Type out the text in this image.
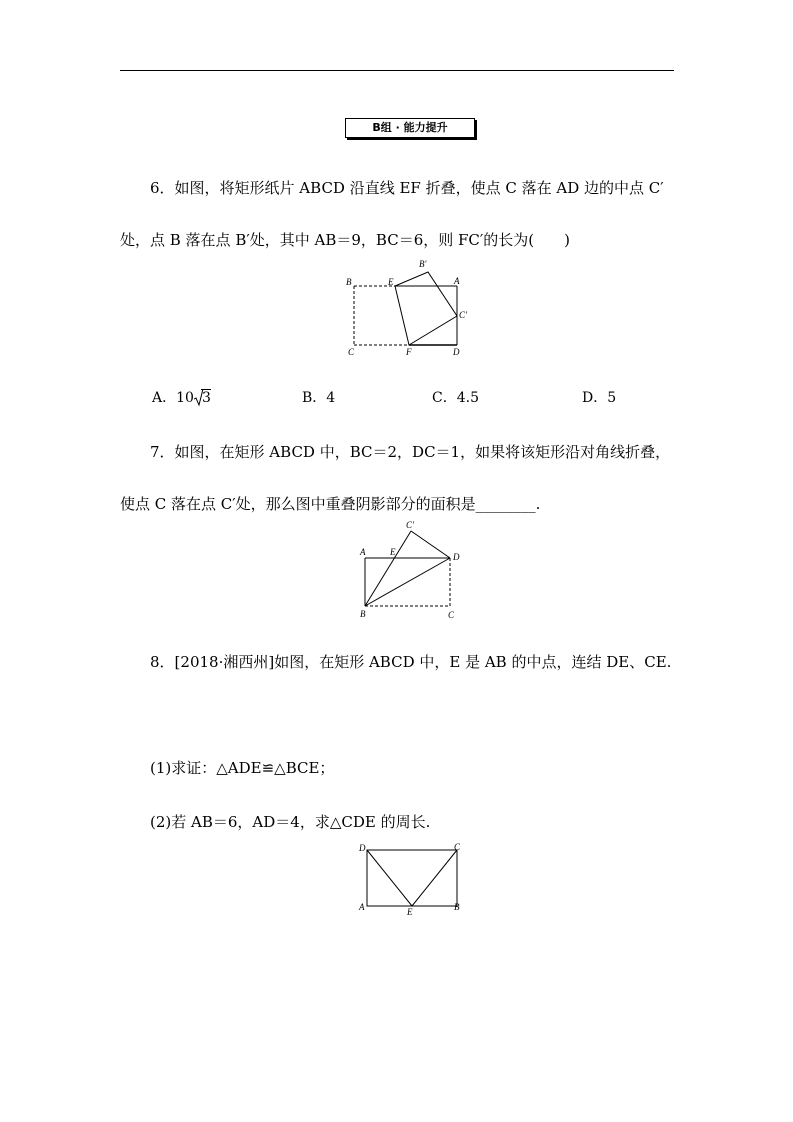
B组 · 能力提升
6．如图，将矩形纸片 ABCD 沿直线 EF 折叠，使点 C 落在 AD 边的中点 C′
处，点 B 落在点 B′处，其中 AB＝9，BC＝6，则 FC′的长为(　　)
B	E
B′
A
C′
C	F	D
A．10 3	B．4	C．4.5	D．5
7．如图，在矩形 ABCD 中，BC＝2，DC＝1，如果将该矩形沿对角线折叠，
使点 C 落在点 C′处，那么图中重叠阴影部分的面积是________.
A	E
C′
D
B	C
8．[2018·湘西州]如图，在矩形 ABCD 中，E 是 AB 的中点，连结 DE、CE.
(1)求证：△ADE≌△BCE；
(2)若 AB＝6，AD＝4，求△CDE 的周长.
D	C
A	E	B
